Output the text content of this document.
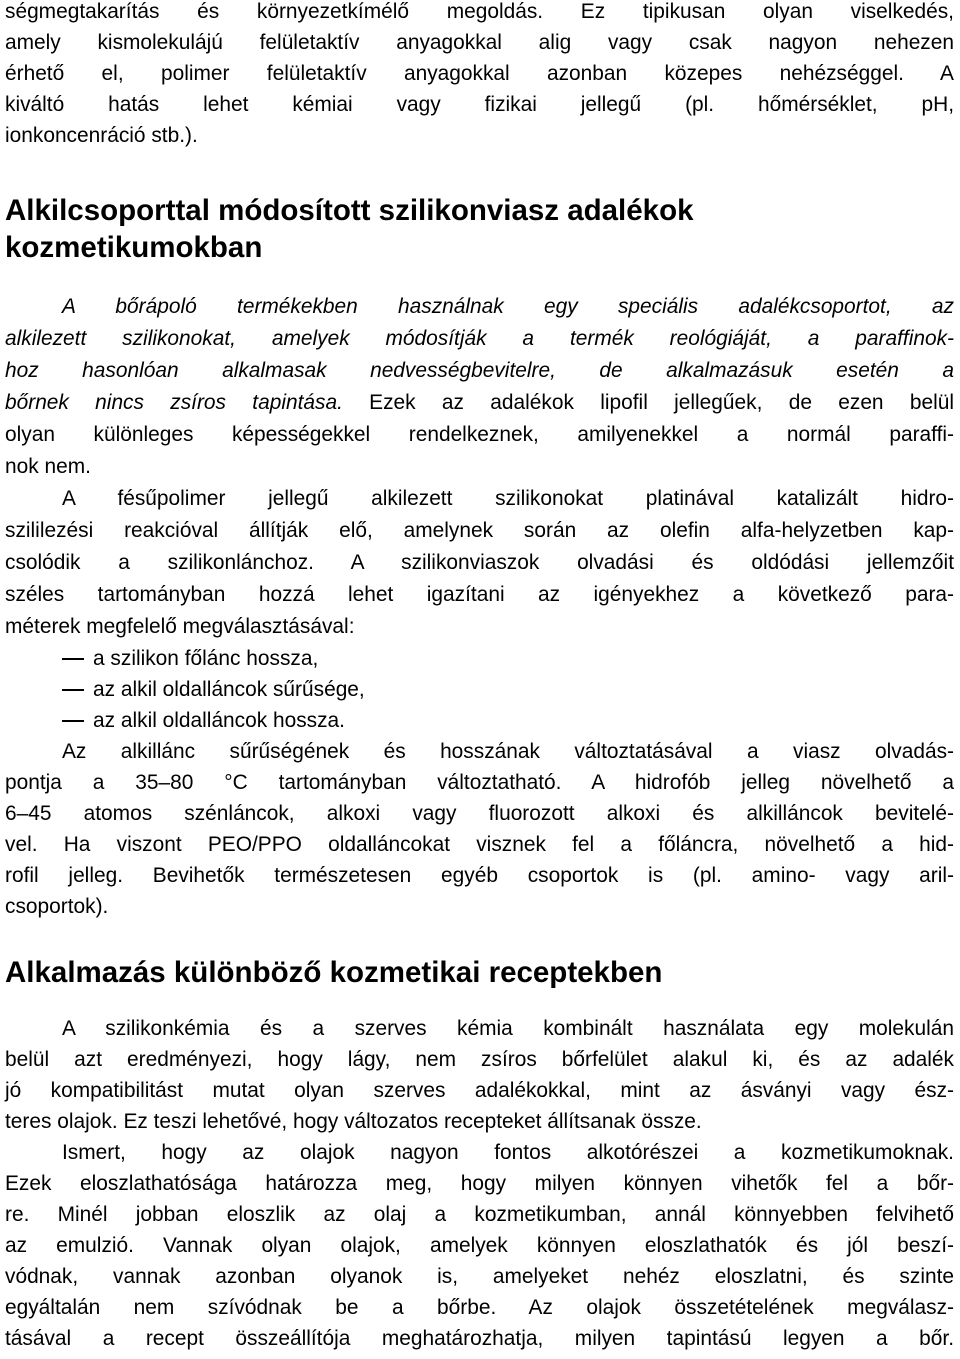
ségmegtakarítás és környezetkímélő megoldás. Ez tipikusan olyan viselkedés,
amely kismolekulájú felületaktív anyagokkal alig vagy csak nagyon nehezen
érhető el, polimer felületaktív anyagokkal azonban közepes nehézséggel. A
kiváltó hatás lehet kémiai vagy fizikai jellegű (pl. hőmérséklet, pH,
ionkoncenráció stb.).
Alkilcsoporttal módosított szilikonviasz adalékok
kozmetikumokban
A bőrápoló termékekben használnak egy speciális adalékcsoportot, az
alkilezett szilikonokat, amelyek módosítják a termék reológiáját, a paraffinok-
hoz hasonlóan alkalmasak nedvességbevitelre, de alkalmazásuk esetén a
bőrnek nincs zsíros tapintása. Ezek az adalékok lipofil jellegűek, de ezen belül
olyan különleges képességekkel rendelkeznek, amilyenekkel a normál paraffi-
nok nem.
A fésűpolimer jellegű alkilezett szilikonokat platinával katalizált hidro-
szililezési reakcióval állítják elő, amelynek során az olefin alfa-helyzetben kap-
csolódik a szilikonlánchoz. A szilikonviaszok olvadási és oldódási jellemzőit
széles tartományban hozzá lehet igazítani az igényekhez a következő para-
méterek megfelelő megválasztásával:
a szilikon főlánc hossza,
az alkil oldalláncok sűrűsége,
az alkil oldalláncok hossza.
Az alkillánc sűrűségének és hosszának változtatásával a viasz olvadás-
pontja a 35–80 °C tartományban változtatható. A hidrofób jelleg növelhető a
6–45 atomos szénláncok, alkoxi vagy fluorozott alkoxi és alkilláncok bevitelé-
vel. Ha viszont PEO/PPO oldalláncokat visznek fel a főláncra, növelhető a hid-
rofil jelleg. Bevihetők természetesen egyéb csoportok is (pl. amino- vagy aril-
csoportok).
Alkalmazás különböző kozmetikai receptekben
A szilikonkémia és a szerves kémia kombinált használata egy molekulán
belül azt eredményezi, hogy lágy, nem zsíros bőrfelület alakul ki, és az adalék
jó kompatibilitást mutat olyan szerves adalékokkal, mint az ásványi vagy ész-
teres olajok. Ez teszi lehetővé, hogy változatos recepteket állítsanak össze.
Ismert, hogy az olajok nagyon fontos alkotórészei a kozmetikumoknak.
Ezek eloszlathatósága határozza meg, hogy milyen könnyen vihetők fel a bőr-
re. Minél jobban eloszlik az olaj a kozmetikumban, annál könnyebben felvihető
az emulzió. Vannak olyan olajok, amelyek könnyen eloszlathatók és jól beszí-
vódnak, vannak azonban olyanok is, amelyeket nehéz eloszlatni, és szinte
egyáltalán nem szívódnak be a bőrbe. Az olajok összetételének megválasz-
tásával a recept összeállítója meghatározhatja, milyen tapintású legyen a bőr.
